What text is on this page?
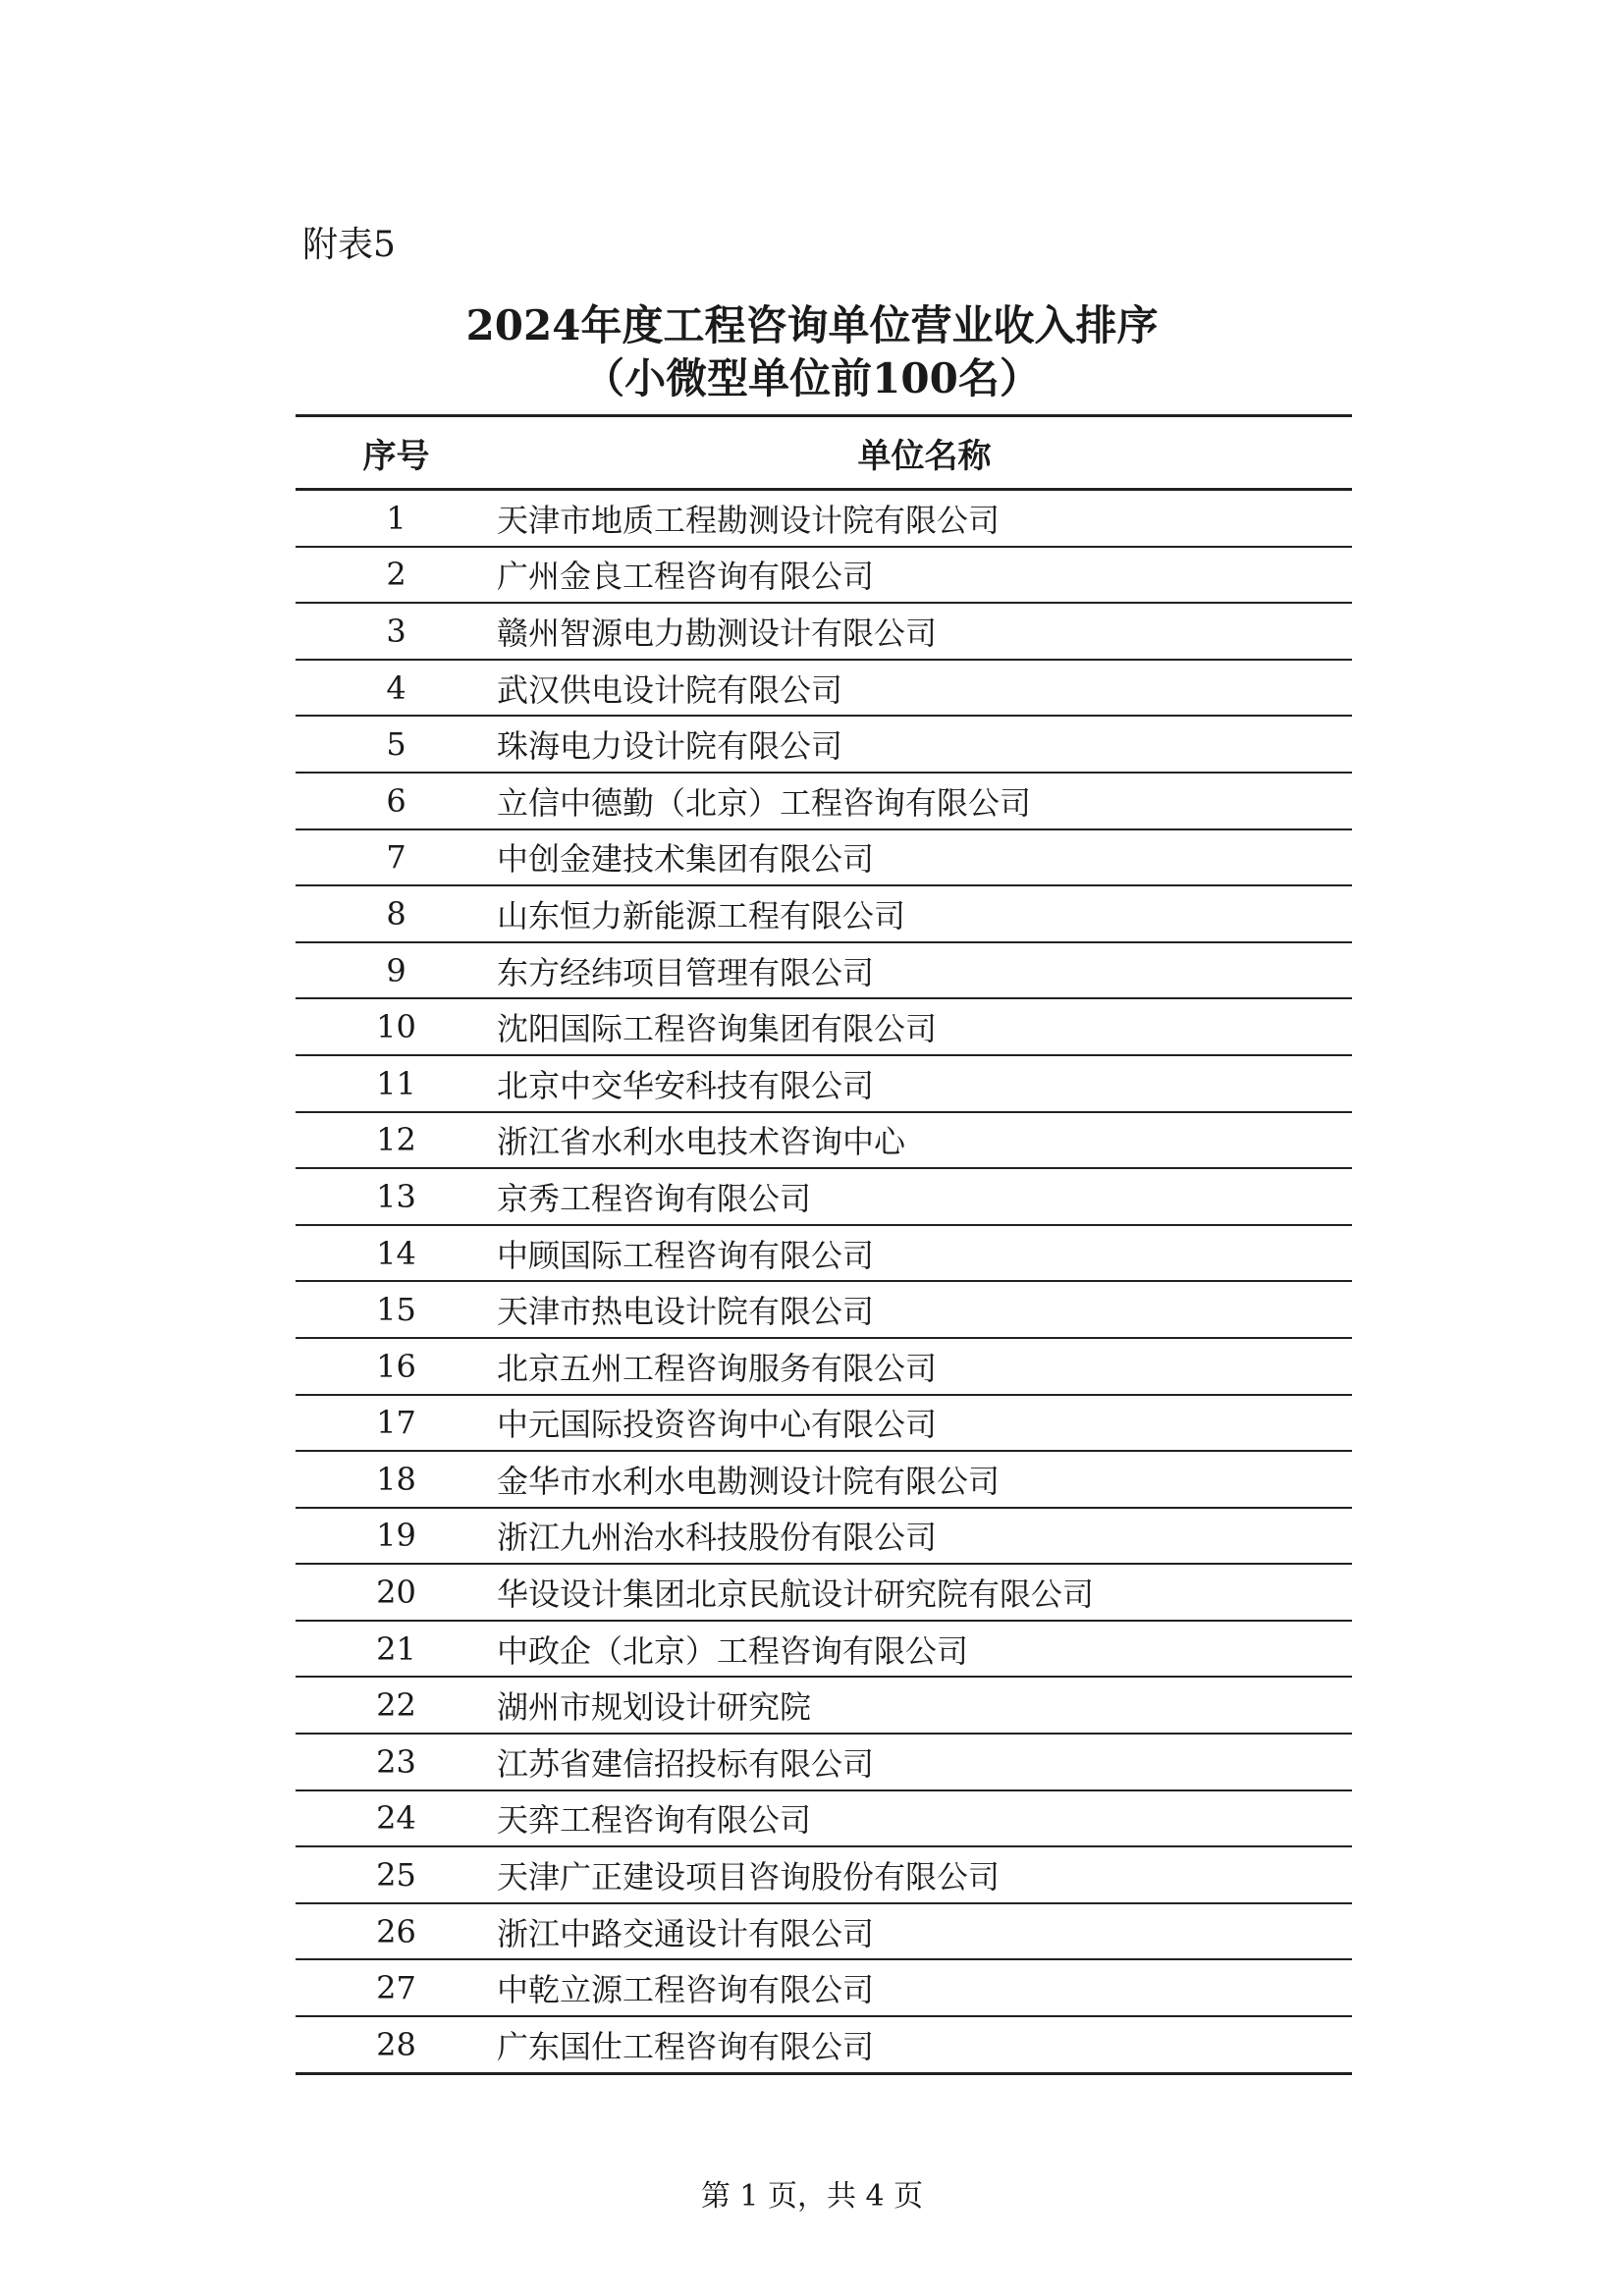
附表5
2024年度工程咨询单位营业收入排序
（小微型单位前100名）
序号	单位名称
1	天津市地质工程勘测设计院有限公司
2	广州金良工程咨询有限公司
3	赣州智源电力勘测设计有限公司
4	武汉供电设计院有限公司
5	珠海电力设计院有限公司
6	立信中德勤（北京）工程咨询有限公司
7	中创金建技术集团有限公司
8	山东恒力新能源工程有限公司
9	东方经纬项目管理有限公司
10	沈阳国际工程咨询集团有限公司
11	北京中交华安科技有限公司
12	浙江省水利水电技术咨询中心
13	京秀工程咨询有限公司
14	中顾国际工程咨询有限公司
15	天津市热电设计院有限公司
16	北京五州工程咨询服务有限公司
17	中元国际投资咨询中心有限公司
18	金华市水利水电勘测设计院有限公司
19	浙江九州治水科技股份有限公司
20	华设设计集团北京民航设计研究院有限公司
21	中政企（北京）工程咨询有限公司
22	湖州市规划设计研究院
23	江苏省建信招投标有限公司
24	天弈工程咨询有限公司
25	天津广正建设项目咨询股份有限公司
26	浙江中路交通设计有限公司
27	中乾立源工程咨询有限公司
28	广东国仕工程咨询有限公司
第 1 页，共 4 页
